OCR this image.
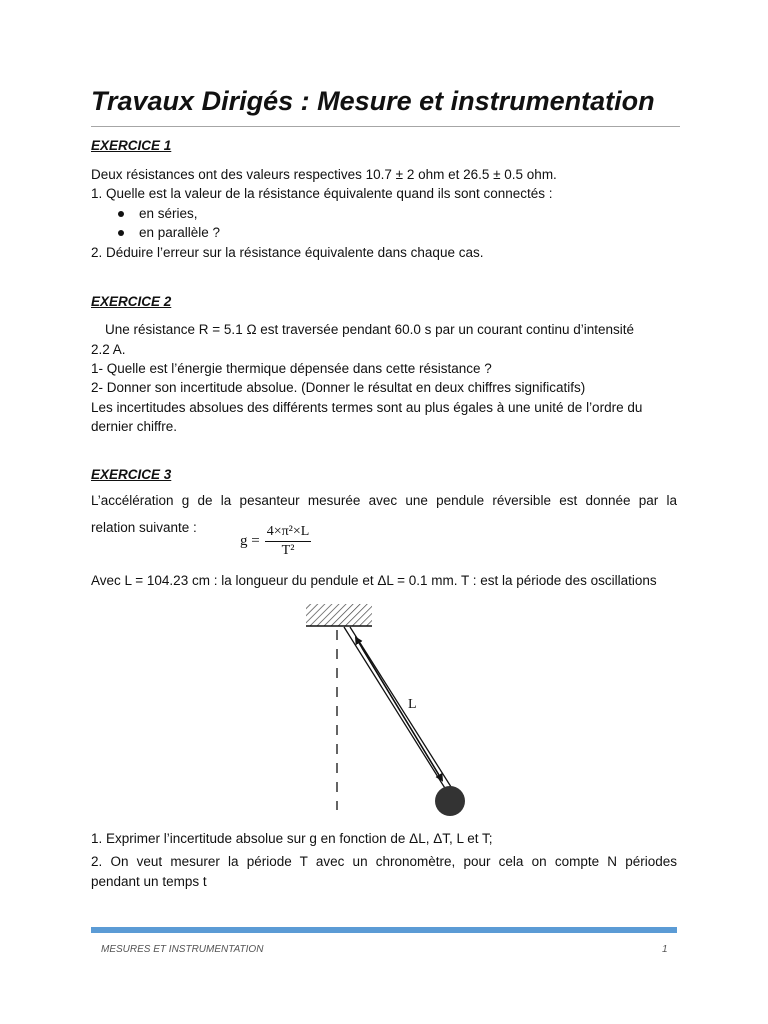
Travaux Dirigés : Mesure et instrumentation
EXERCICE 1
Deux résistances ont des valeurs respectives 10.7 ± 2 ohm et 26.5 ± 0.5 ohm.
1. Quelle est la valeur de la résistance équivalente quand ils sont connectés :
en séries,
en parallèle ?
2. Déduire l’erreur sur la résistance équivalente dans chaque cas.
EXERCICE 2
Une résistance R = 5.1 Ω est traversée pendant 60.0 s par un courant continu d’intensité
2.2 A.
1- Quelle est l’énergie thermique dépensée dans cette résistance ?
2- Donner son incertitude absolue. (Donner le résultat en deux chiffres significatifs)
Les incertitudes absolues des différents termes sont au plus égales à une unité de l’ordre du
dernier chiffre.
EXERCICE 3
L’accélération g de la pesanteur mesurée avec une pendule réversible est donnée par la
relation suivante :
$g = \frac{\text{4×π²×L}}{\text{T²}}$
Avec L = 104.23 cm : la longueur du pendule et ΔL = 0.1 mm. T : est la période des oscillations
L
1. Exprimer l’incertitude absolue sur g en fonction de ΔL, ΔT, L et T;
2. On veut mesurer la période T avec un chronomètre, pour cela on compte N périodes
pendant un temps t
MESURES ET INSTRUMENTATION	1
